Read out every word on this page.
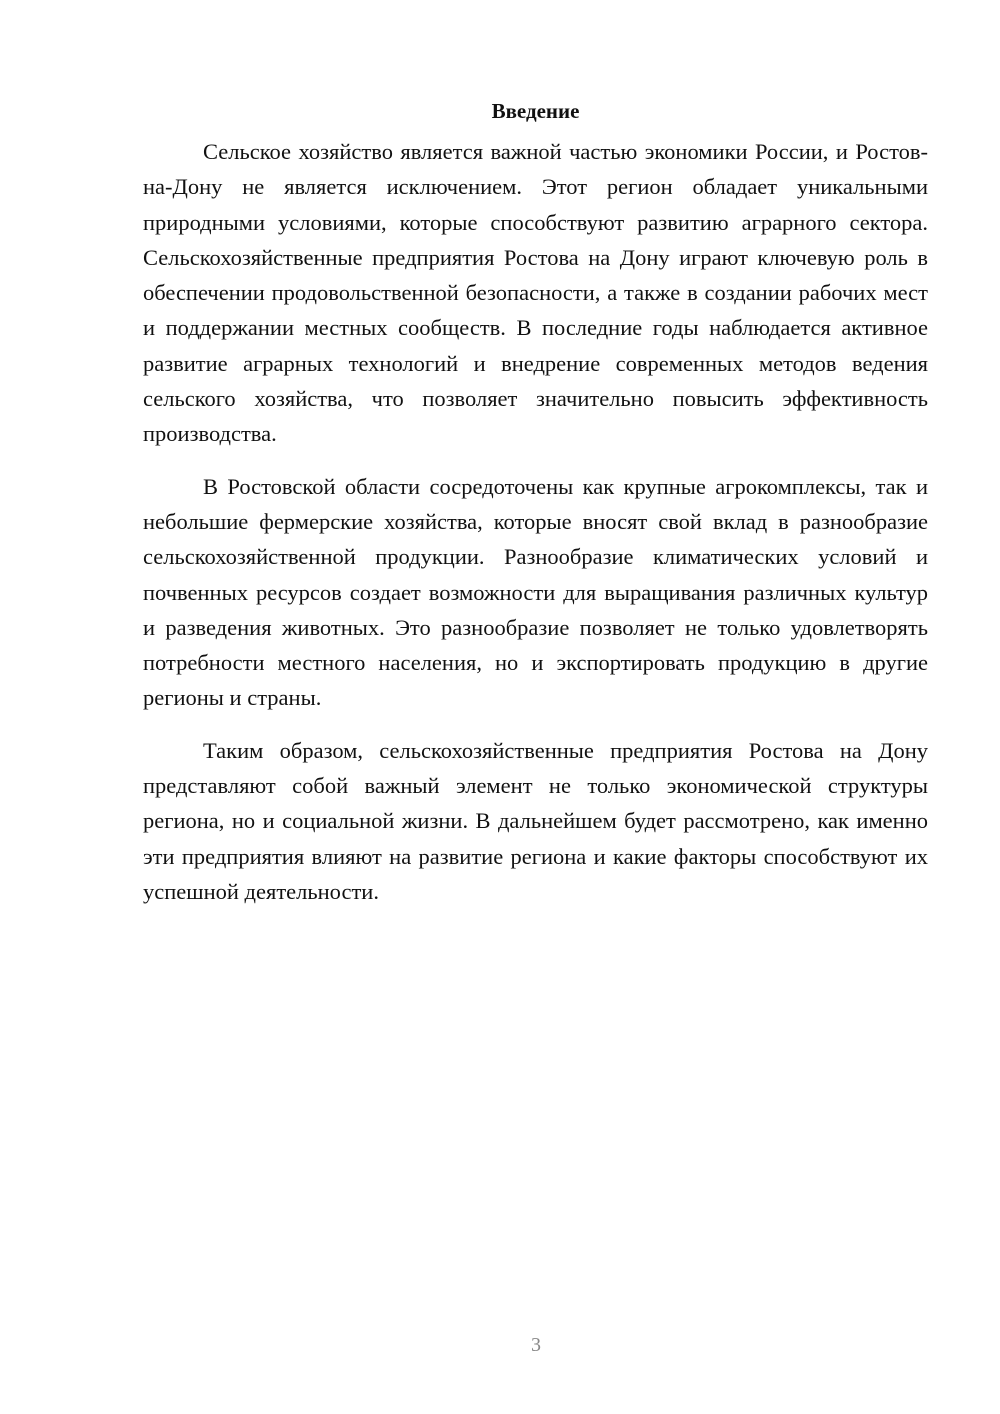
Введение

Сельское хозяйство является важной частью экономики России, и Ростов-на-Дону не является исключением. Этот регион обладает уникальными природными условиями, которые способствуют развитию аграрного сектора. Сельскохозяйственные предприятия Ростова на Дону играют ключевую роль в обеспечении продовольственной безопасности, а также в создании рабочих мест и поддержании местных сообществ. В последние годы наблюдается активное развитие аграрных технологий и внедрение современных методов ведения сельского хозяйства, что позволяет значительно повысить эффективность производства.

В Ростовской области сосредоточены как крупные агрокомплексы, так и небольшие фермерские хозяйства, которые вносят свой вклад в разнообразие сельскохозяйственной продукции. Разнообразие климатических условий и почвенных ресурсов создает возможности для выращивания различных культур и разведения животных. Это разнообразие позволяет не только удовлетворять потребности местного населения, но и экспортировать продукцию в другие регионы и страны.

Таким образом, сельскохозяйственные предприятия Ростова на Дону представляют собой важный элемент не только экономической структуры региона, но и социальной жизни. В дальнейшем будет рассмотрено, как именно эти предприятия влияют на развитие региона и какие факторы способствуют их успешной деятельности.

3
